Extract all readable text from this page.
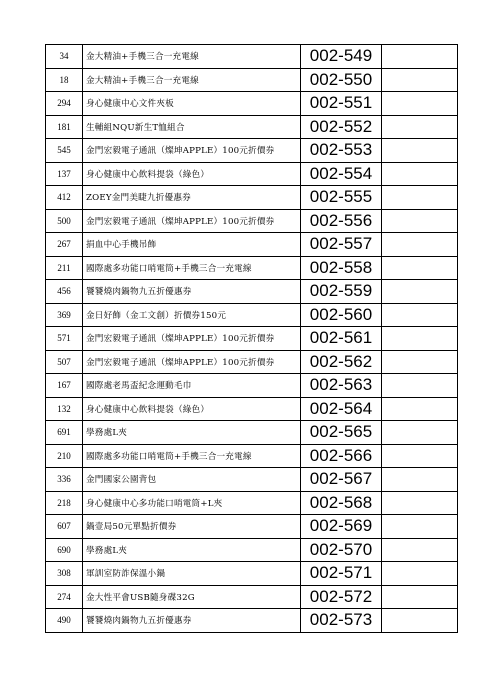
34	金大精油+手機三合一充電線	002-549	
18	金大精油+手機三合一充電線	002-550	
294	身心健康中心文件夾板	002-551	
181	生輔組NQU新生T恤組合	002-552	
545	金門宏毅電子通訊（燦坤APPLE）100元折價券	002-553	
137	身心健康中心飲料提袋（綠色）	002-554	
412	ZOEY金門美睫九折優惠券	002-555	
500	金門宏毅電子通訊（燦坤APPLE）100元折價券	002-556	
267	捐血中心手機吊飾	002-557	
211	國際處多功能口哨電筒+手機三合一充電線	002-558	
456	饕饕燒肉鍋物九五折優惠券	002-559	
369	金日好飾（金工文創）折價券150元	002-560	
571	金門宏毅電子通訊（燦坤APPLE）100元折價券	002-561	
507	金門宏毅電子通訊（燦坤APPLE）100元折價券	002-562	
167	國際處老馬盃紀念運動毛巾	002-563	
132	身心健康中心飲料提袋（綠色）	002-564	
691	學務處L夾	002-565	
210	國際處多功能口哨電筒+手機三合一充電線	002-566	
336	金門國家公園背包	002-567	
218	身心健康中心多功能口哨電筒+L夾	002-568	
607	鍋壹局50元單點折價券	002-569	
690	學務處L夾	002-570	
308	軍訓室防詐保溫小鍋	002-571	
274	金大性平會USB隨身碟32G	002-572	
490	饕饕燒肉鍋物九五折優惠券	002-573	
